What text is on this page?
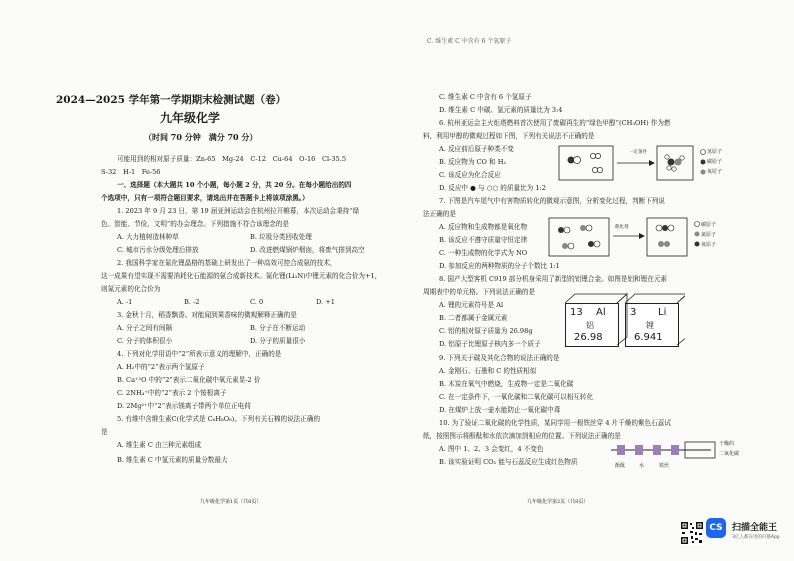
2024—2025 学年第一学期期末检测试题（卷）
九年级化学
（时间 70 分钟　满分 70 分）
可能用到的相对原子质量：Zn-65　Mg-24　C-12　Cu-64　O-16　Cl-35.5
S-32　H-1　Fe-56
一、选择题（本大题共 10 个小题，每小题 2 分，共 20 分。在每小题给出的四
个选项中，只有一项符合题目要求，请选出并在答题卡上将该项涂黑。）
1. 2023 年 9 月 23 日，第 19 届亚洲运动会在杭州拉开帷幕，本次运动会秉持“绿
色、智能、节俭、文明”的办会理念。下列措施不符合该理念的是
A. 大力植树造林种草	B. 垃圾分类回收处理
C. 城市污水分级处理后排放	D. 改进燃煤锅炉烟囱，将废气排到高空
2. 我国科学家在氮化锂晶格的基础上研发出了一种高效可控合成氨的技术，
这一成果有望实现不需要消耗化石能源的氨合成新技术。氮化锂(Li₃N)中锂元素的化合价为+1,
则氮元素的化合价为
A. -1	B. -2	C. 0	D. +1
3. 金秋十月，稻香飘香。对能闻到果香味的微观解释正确的是
A. 分子之间有间隔	B. 分子在不断运动
C. 分子的体积很小	D. 分子的质量很小
4. 下列对化学用语中“2”所表示意义的理解中，正确的是
A. H₂中的“2”表示两个氢原子
B. Ca⁺²O 中的“2”表示二氧化碳中氧元素显-2 价
C. 2NH₄⁺中的“2”表示 2 个铵根离子
D. 2Mg²⁺中“2”表示镁离子带两个单位正电荷
5. 有维中含维生素C(化学式是 C₆H₈O₆)。下列有关石棉的说法正确的
是
A. 维生素 C 由三种元素组成
B. 维生素 C 中氢元素的质量分数最大
九年级化学第1页（共8页）
C. 维生素 C 中含有 6 个氧原子
C. 维生素 C 中含有 6 个氢原子
D. 维生素 C 中碳、氢元素的质量比为 3:4
6. 杭州亚运会主火炬塔燃料首次使用了废碳再生的“绿色甲醇”(CH₃OH) 作为燃
料，利用甲醇的微观过程如下图，下列有关说法不正确的是
A. 反应前后原子种类不变
B. 反应物为 CO 和 H₂
C. 该反应为化合反应
D. 反应中 ● 与 ○○ 的质量比为 1:2
一定条件	氢原子
碳原子
氧原子
7. 下图是汽车尾气中有害物质转化的微观示意图，分析变化过程，判断下列说
法正确的是
A. 反应物和生成物都是氧化物
B. 该反应不遵守质量守恒定律
C. 一种生成物的化学式为 NO
D. 参加反应的两种物质的分子个数比 1:1
催化剂	碳原子
氮原子
氧原子
8. 国产大型客机 C919 部分机身采用了新型的铝锂合金。如图是铝和锂在元素
周期表中的单元格。下列说法正确的是
A. 锂的元素符号是 Al
B. 二者都属于金属元素
C. 铝的相对原子质量为 26.98g
D. 铝原子比锂原子核内多一个质子
13 Al
铝
26.98
3 Li
锂
6.941
9. 下列关于碳及其化合物的说法正确的是
A. 金刚石、石墨和 C 的性质相似
B. 木炭在氧气中燃烧，生成物一定是二氧化碳
C. 在一定条件下，一氧化碳和二氧化碳可以相互转化
D. 在煤炉上放一壶水能防止一氧化碳中毒
10. 为了验证二氧化碳的化学性质，某同学用一根铁丝穿 4 片干燥的紫色石蕊试
纸，按照图示将酚酞和水依次滴加到相应的位置。下列说法正确的是
A. 图中 1、2、3 会变红，4 不变色
B. 该实验证明 CO₂ 能与石蕊反应生成红色物质	酚酞	水	铁丝
干燥的
二氧化碳
九年级化学第2页（共8页）
CS	扫描全能王
3亿人都在用的扫描App
